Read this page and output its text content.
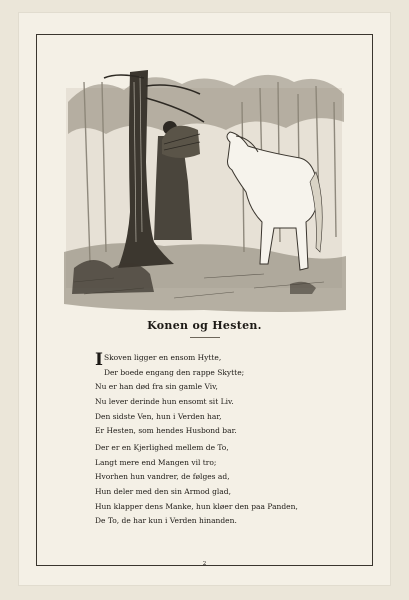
Konen og Hesten.
I Skoven ligger en ensom Hytte,
Der boede engang den rappe Skytte;
Nu er han død fra sin gamle Viv,
Nu lever derinde hun ensomt sit Liv.
Den sidste Ven, hun i Verden har,
Er Hesten, som hendes Husbond bar.
Der er en Kjerlighed mellem de To,
Langt mere end Mangen vil tro;
Hvorhen hun vandrer, de følges ad,
Hun deler med den sin Armod glad,
Hun klapper dens Manke, hun kløer den paa Panden,
De To, de har kun i Verden hinanden.
2
